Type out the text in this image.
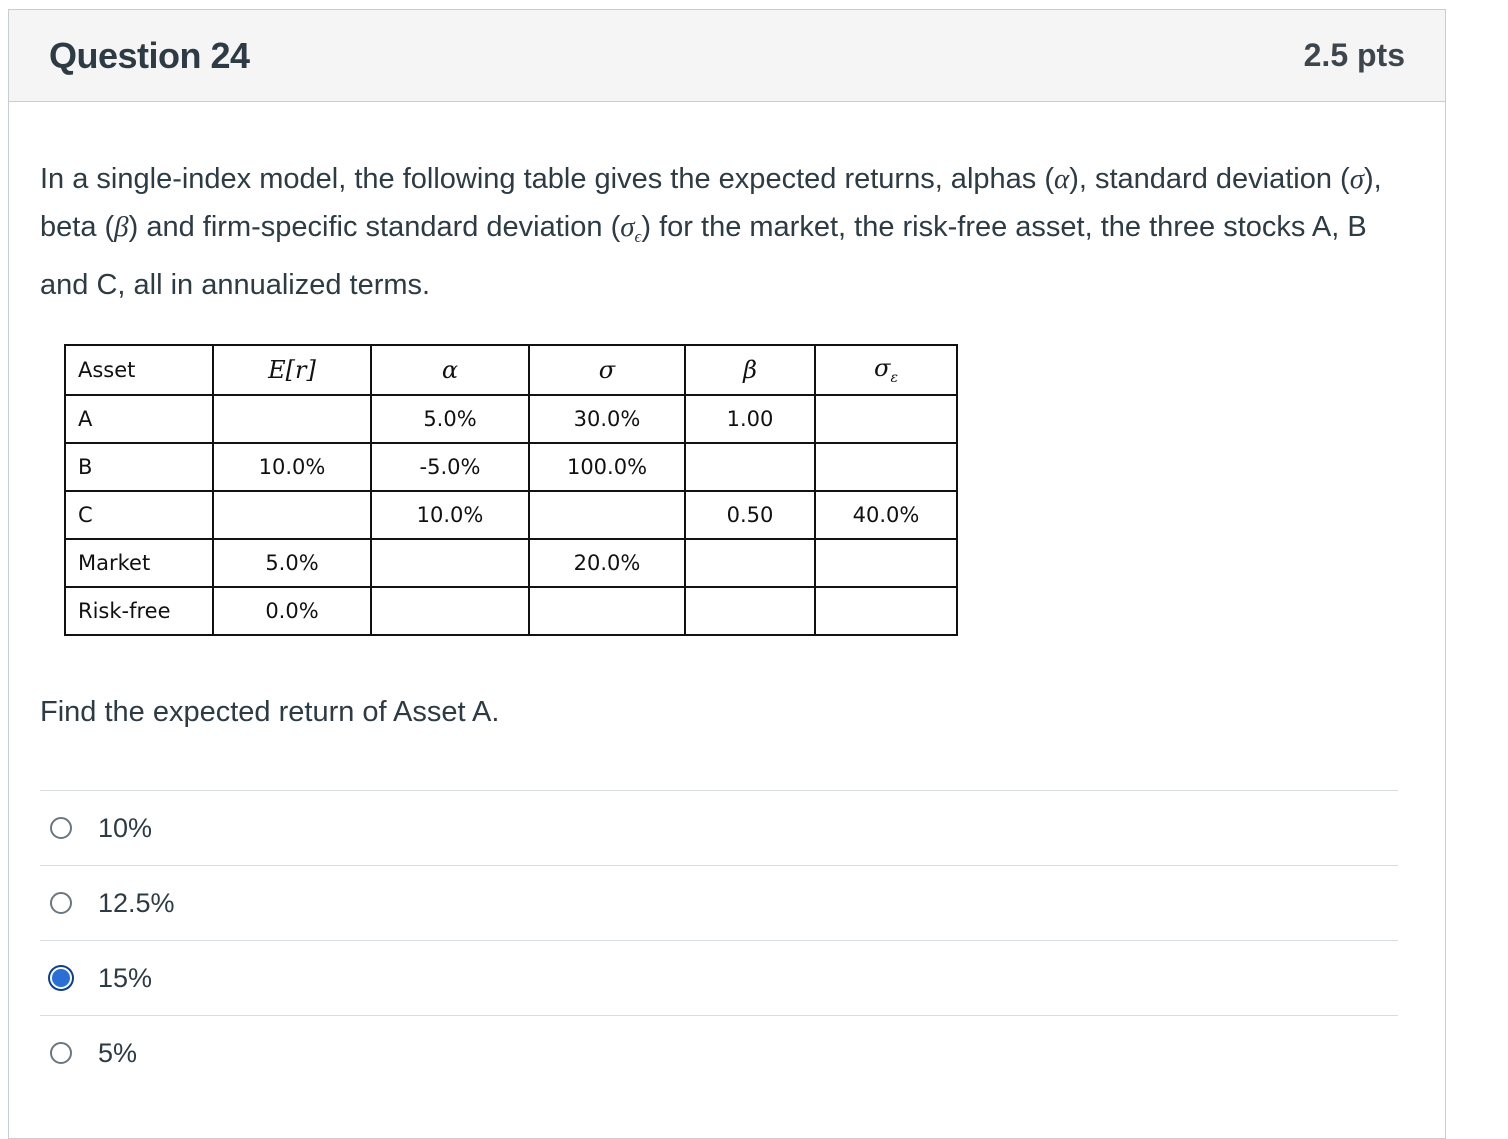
Question 24	2.5 pts
In a single-index model, the following table gives the expected returns, alphas (α), standard deviation (σ), beta (β) and firm-specific standard deviation $(\sigma_\epsilon)$ for the market, the risk-free asset, the three stocks A, B and C, all in annualized terms.
Asset	E[r]	α	σ	β	$\sigma_\varepsilon$
A		5.0%	30.0%	1.00	
B	10.0%	-5.0%	100.0%		
C		10.0%		0.50	40.0%
Market	5.0%		20.0%		
Risk-free	0.0%				
Find the expected return of Asset A.
10%
12.5%
15%
5%
